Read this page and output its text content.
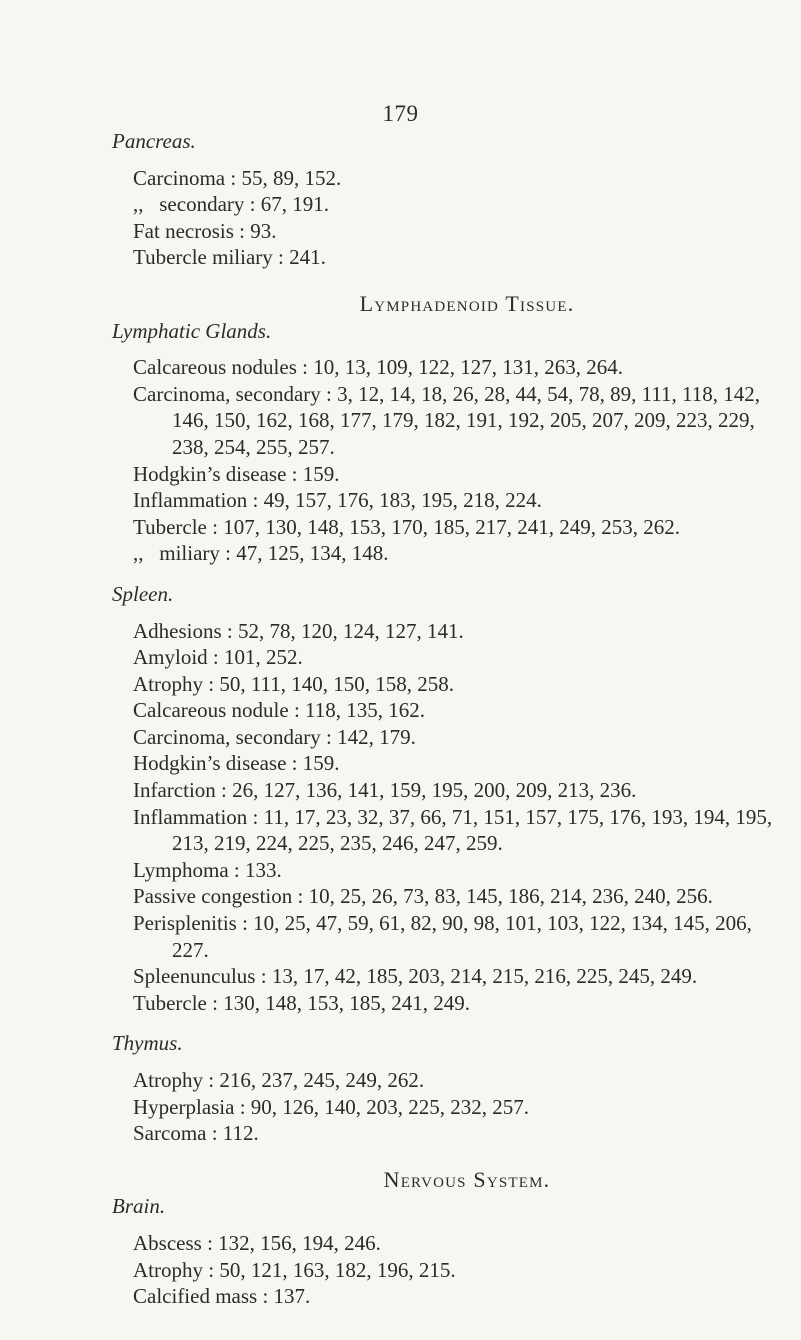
179
Pancreas.
Carcinoma : 55, 89, 152.
,,   secondary : 67, 191.
Fat necrosis : 93.
Tubercle miliary : 241.
Lymphadenoid Tissue.
Lymphatic Glands.
Calcareous nodules : 10, 13, 109, 122, 127, 131, 263, 264.
Carcinoma, secondary : 3, 12, 14, 18, 26, 28, 44, 54, 78, 89, 111, 118, 142, 146, 150, 162, 168, 177, 179, 182, 191, 192, 205, 207, 209, 223, 229, 238, 254, 255, 257.
Hodgkin’s disease : 159.
Inflammation : 49, 157, 176, 183, 195, 218, 224.
Tubercle : 107, 130, 148, 153, 170, 185, 217, 241, 249, 253, 262.
,,   miliary : 47, 125, 134, 148.
Spleen.
Adhesions : 52, 78, 120, 124, 127, 141.
Amyloid : 101, 252.
Atrophy : 50, 111, 140, 150, 158, 258.
Calcareous nodule : 118, 135, 162.
Carcinoma, secondary : 142, 179.
Hodgkin’s disease : 159.
Infarction : 26, 127, 136, 141, 159, 195, 200, 209, 213, 236.
Inflammation : 11, 17, 23, 32, 37, 66, 71, 151, 157, 175, 176, 193, 194, 195, 213, 219, 224, 225, 235, 246, 247, 259.
Lymphoma : 133.
Passive congestion : 10, 25, 26, 73, 83, 145, 186, 214, 236, 240, 256.
Perisplenitis : 10, 25, 47, 59, 61, 82, 90, 98, 101, 103, 122, 134, 145, 206, 227.
Spleenunculus : 13, 17, 42, 185, 203, 214, 215, 216, 225, 245, 249.
Tubercle : 130, 148, 153, 185, 241, 249.
Thymus.
Atrophy : 216, 237, 245, 249, 262.
Hyperplasia : 90, 126, 140, 203, 225, 232, 257.
Sarcoma : 112.
Nervous System.
Brain.
Abscess : 132, 156, 194, 246.
Atrophy : 50, 121, 163, 182, 196, 215.
Calcified mass : 137.
